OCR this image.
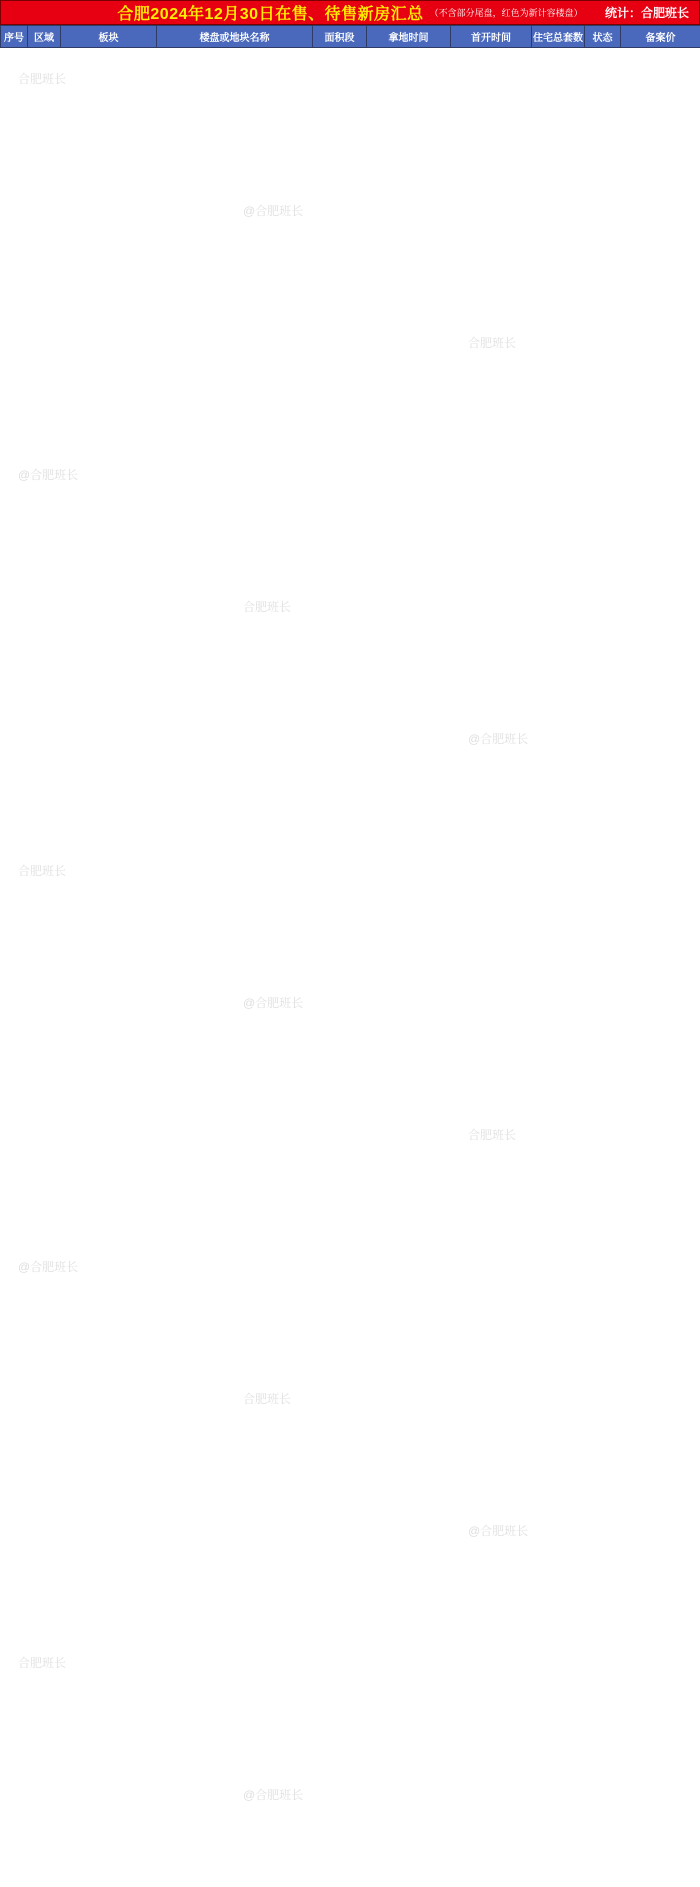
合肥2024年12月30日在售、待售新房汇总 （不含部分尾盘，红色为新计容楼盘） 统计：合肥班长
序号	区域	板块	楼盘或地块名称	面积段	拿地时间	首开时间	住宅总套数	状态	备案价
合肥班长
@合肥班长
合肥班长
@合肥班长
合肥班长
@合肥班长
合肥班长
@合肥班长
合肥班长
@合肥班长
合肥班长
@合肥班长
合肥班长
@合肥班长
